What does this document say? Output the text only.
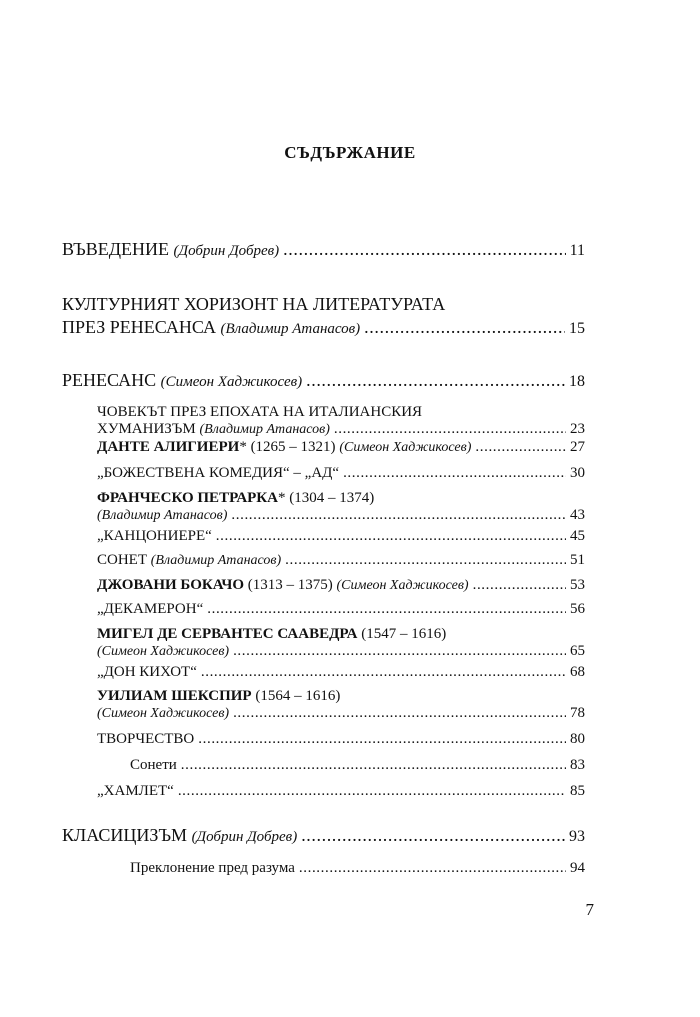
СЪДЪРЖАНИЕ
ВЪВЕДЕНИЕ (Добрин Добрев) .....	11
КУЛТУРНИЯТ ХОРИЗОНТ НА ЛИТЕРАТУРАТА
ПРЕЗ РЕНЕСАНСА (Владимир Атанасов) .....	15
РЕНЕСАНС (Симеон Хаджикосев) .....	18
ЧОВЕКЪТ ПРЕЗ ЕПОХАТА НА ИТАЛИАНСКИЯ
ХУМАНИЗЪМ (Владимир Атанасов) .....	23
ДАНТЕ АЛИГИЕРИ* (1265 – 1321) (Симеон Хаджикосев) .....	27
„БОЖЕСТВЕНА КОМЕДИЯ“ – „АД“ .....	30
ФРАНЧЕСКО ПЕТРАРКА* (1304 – 1374)
(Владимир Атанасов) .....	43
„КАНЦОНИЕРЕ“ .....	45
СОНЕТ (Владимир Атанасов) .....	51
ДЖОВАНИ БОКАЧО (1313 – 1375) (Симеон Хаджикосев) .....	53
„ДЕКАМЕРОН“ .....	56
МИГЕЛ ДЕ СЕРВАНТЕС СААВЕДРА (1547 – 1616)
(Симеон Хаджикосев) .....	65
„ДОН КИХОТ“ .....	68
УИЛИАМ ШЕКСПИР (1564 – 1616)
(Симеон Хаджикосев) .....	78
ТВОРЧЕСТВО .....	80
Сонети .....	83
„ХАМЛЕТ“ .....	85
КЛАСИЦИЗЪМ (Добрин Добрев) .....	93
Преклонение пред разума .....	94
7
